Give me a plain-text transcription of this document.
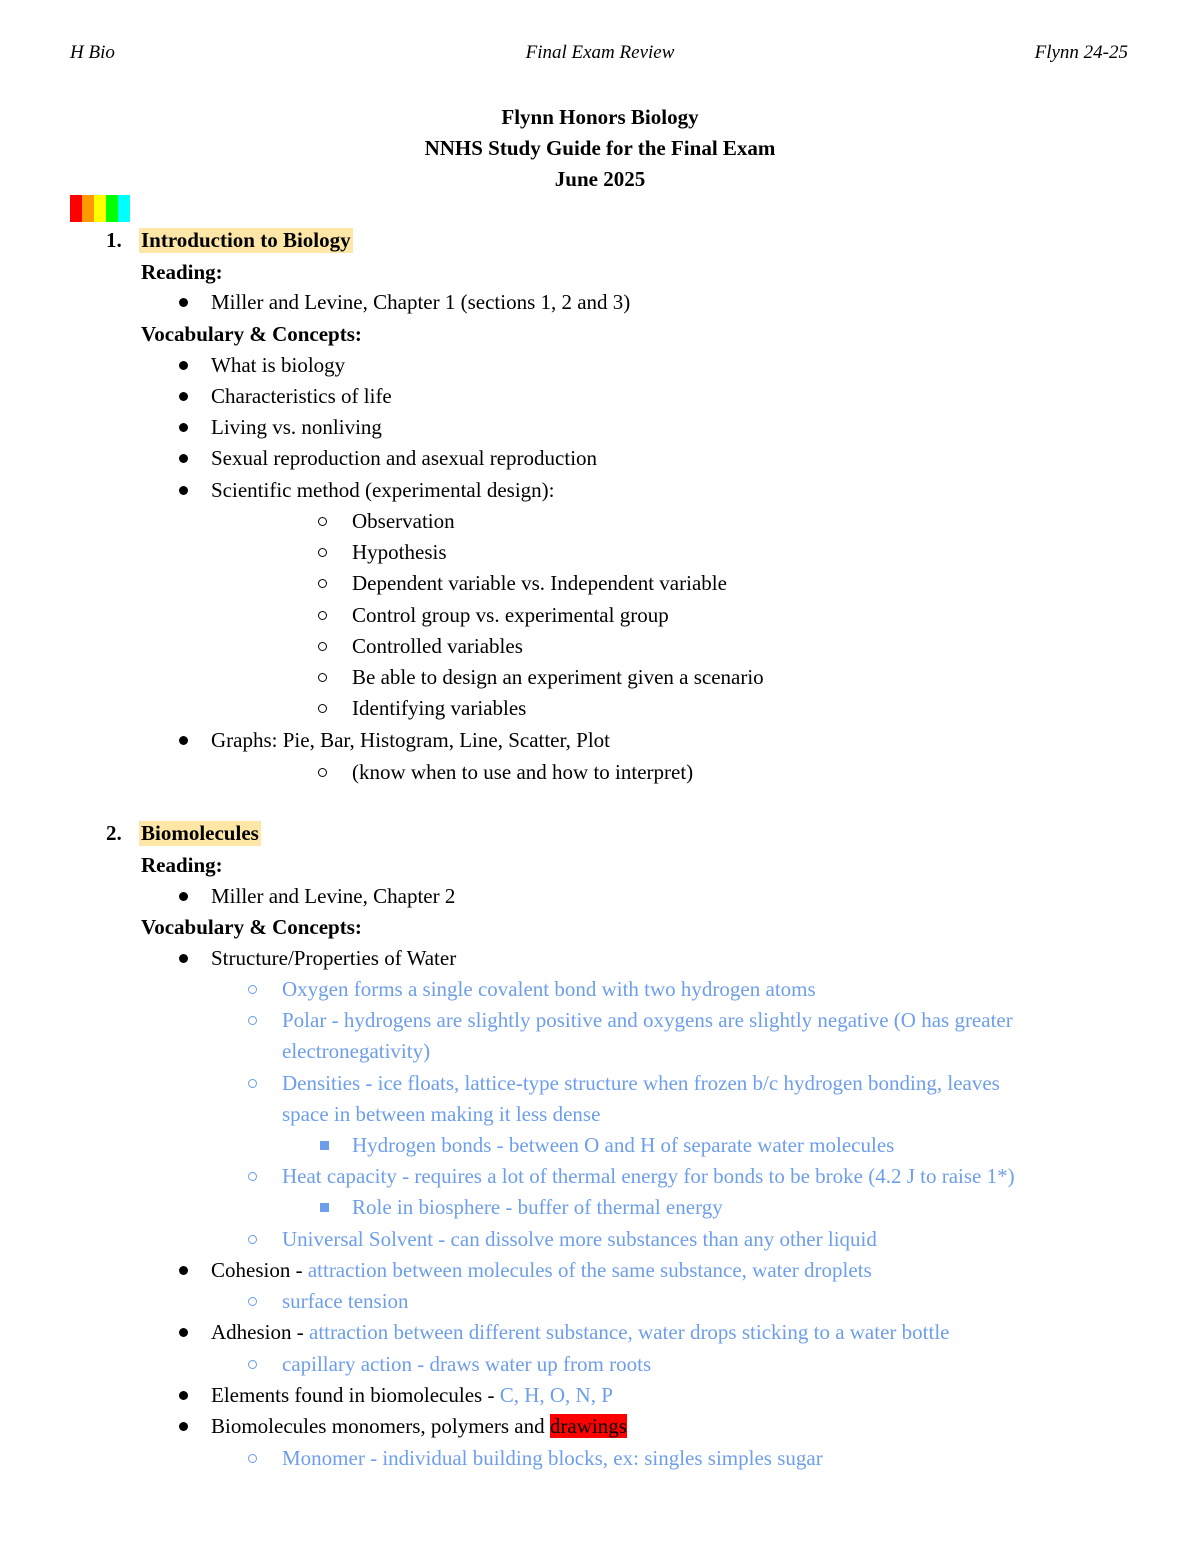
H Bio	Final Exam Review	Flynn 24-25
Flynn Honors Biology
NNHS Study Guide for the Final Exam
June 2025
1. Introduction to Biology
Reading:
Miller and Levine, Chapter 1 (sections 1, 2 and 3)
Vocabulary & Concepts:
What is biology
Characteristics of life
Living vs. nonliving
Sexual reproduction and asexual reproduction
Scientific method (experimental design):
Observation
Hypothesis
Dependent variable vs. Independent variable
Control group vs. experimental group
Controlled variables
Be able to design an experiment given a scenario
Identifying variables
Graphs: Pie, Bar, Histogram, Line, Scatter, Plot
(know when to use and how to interpret)
2. Biomolecules
Reading:
Miller and Levine, Chapter 2
Vocabulary & Concepts:
Structure/Properties of Water
Oxygen forms a single covalent bond with two hydrogen atoms
Polar - hydrogens are slightly positive and oxygens are slightly negative (O has greater
electronegativity)
Densities - ice floats, lattice-type structure when frozen b/c hydrogen bonding, leaves
space in between making it less dense
Hydrogen bonds - between O and H of separate water molecules
Heat capacity - requires a lot of thermal energy for bonds to be broke (4.2 J to raise 1*)
Role in biosphere - buffer of thermal energy
Universal Solvent - can dissolve more substances than any other liquid
Cohesion - attraction between molecules of the same substance, water droplets
surface tension
Adhesion - attraction between different substance, water drops sticking to a water bottle
capillary action - draws water up from roots
Elements found in biomolecules - C, H, O, N, P
Biomolecules monomers, polymers and drawings
Monomer - individual building blocks, ex: singles simples sugar
